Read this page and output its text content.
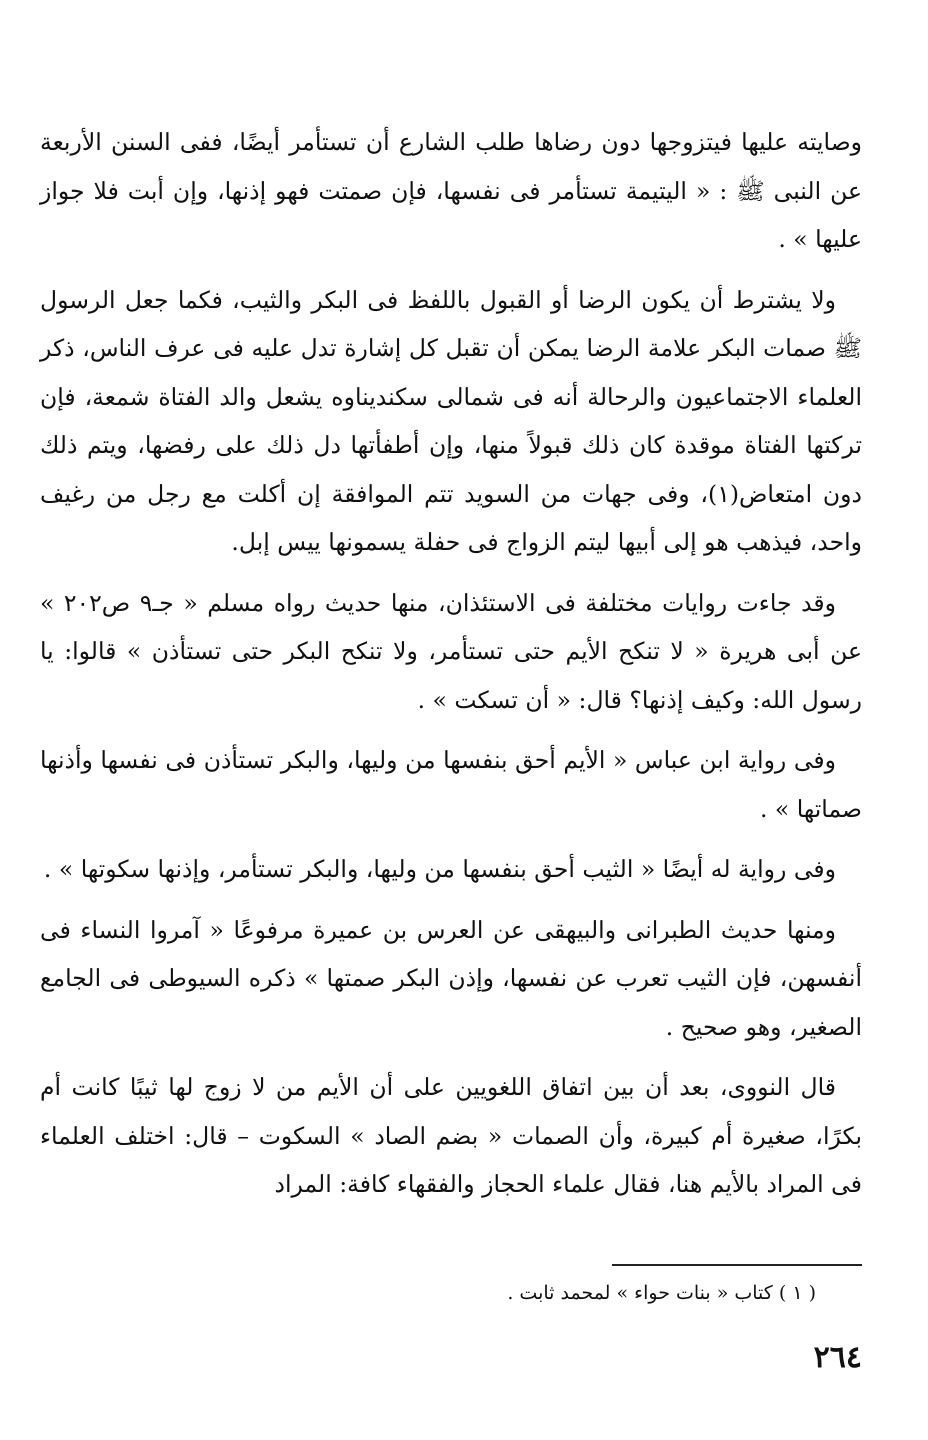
وصايته عليها فيتزوجها دون رضاها طلب الشارع أن تستأمر أيضًا، ففى السنن الأربعة عن النبى ﷺ : « اليتيمة تستأمر فى نفسها، فإن صمتت فهو إذنها، وإن أبت فلا جواز عليها » .

ولا يشترط أن يكون الرضا أو القبول باللفظ فى البكر والثيب، فكما جعل الرسول ﷺ صمات البكر علامة الرضا يمكن أن تقبل كل إشارة تدل عليه فى عرف الناس، ذكر العلماء الاجتماعيون والرحالة أنه فى شمالى سكنديناوه يشعل والد الفتاة شمعة، فإن تركتها الفتاة موقدة كان ذلك قبولاً منها، وإن أطفأتها دل ذلك على رفضها، ويتم ذلك دون امتعاض(١)، وفى جهات من السويد تتم الموافقة إن أكلت مع رجل من رغيف واحد، فيذهب هو إلى أبيها ليتم الزواج فى حفلة يسمونها ييس إبل.

وقد جاءت روايات مختلفة فى الاستئذان، منها حديث رواه مسلم « جـ٩ ص٢٠٢ » عن أبى هريرة « لا تنكح الأيم حتى تستأمر، ولا تنكح البكر حتى تستأذن » قالوا: يا رسول الله: وكيف إذنها؟ قال: « أن تسكت » .

وفى رواية ابن عباس « الأيم أحق بنفسها من وليها، والبكر تستأذن فى نفسها وأذنها صماتها » .

وفى رواية له أيضًا « الثيب أحق بنفسها من وليها، والبكر تستأمر، وإذنها سكوتها » .

ومنها حديث الطبرانى والبيهقى عن العرس بن عميرة مرفوعًا « آمروا النساء فى أنفسهن، فإن الثيب تعرب عن نفسها، وإذن البكر صمتها » ذكره السيوطى فى الجامع الصغير، وهو صحيح .

قال النووى، بعد أن بين اتفاق اللغويين على أن الأيم من لا زوج لها ثيبًا كانت أم بكرًا، صغيرة أم كبيرة، وأن الصمات « بضم الصاد » السكوت – قال: اختلف العلماء فى المراد بالأيم هنا، فقال علماء الحجاز والفقهاء كافة: المراد

( ١ ) كتاب « بنات حواء » لمحمد ثابت .
٢٦٤
